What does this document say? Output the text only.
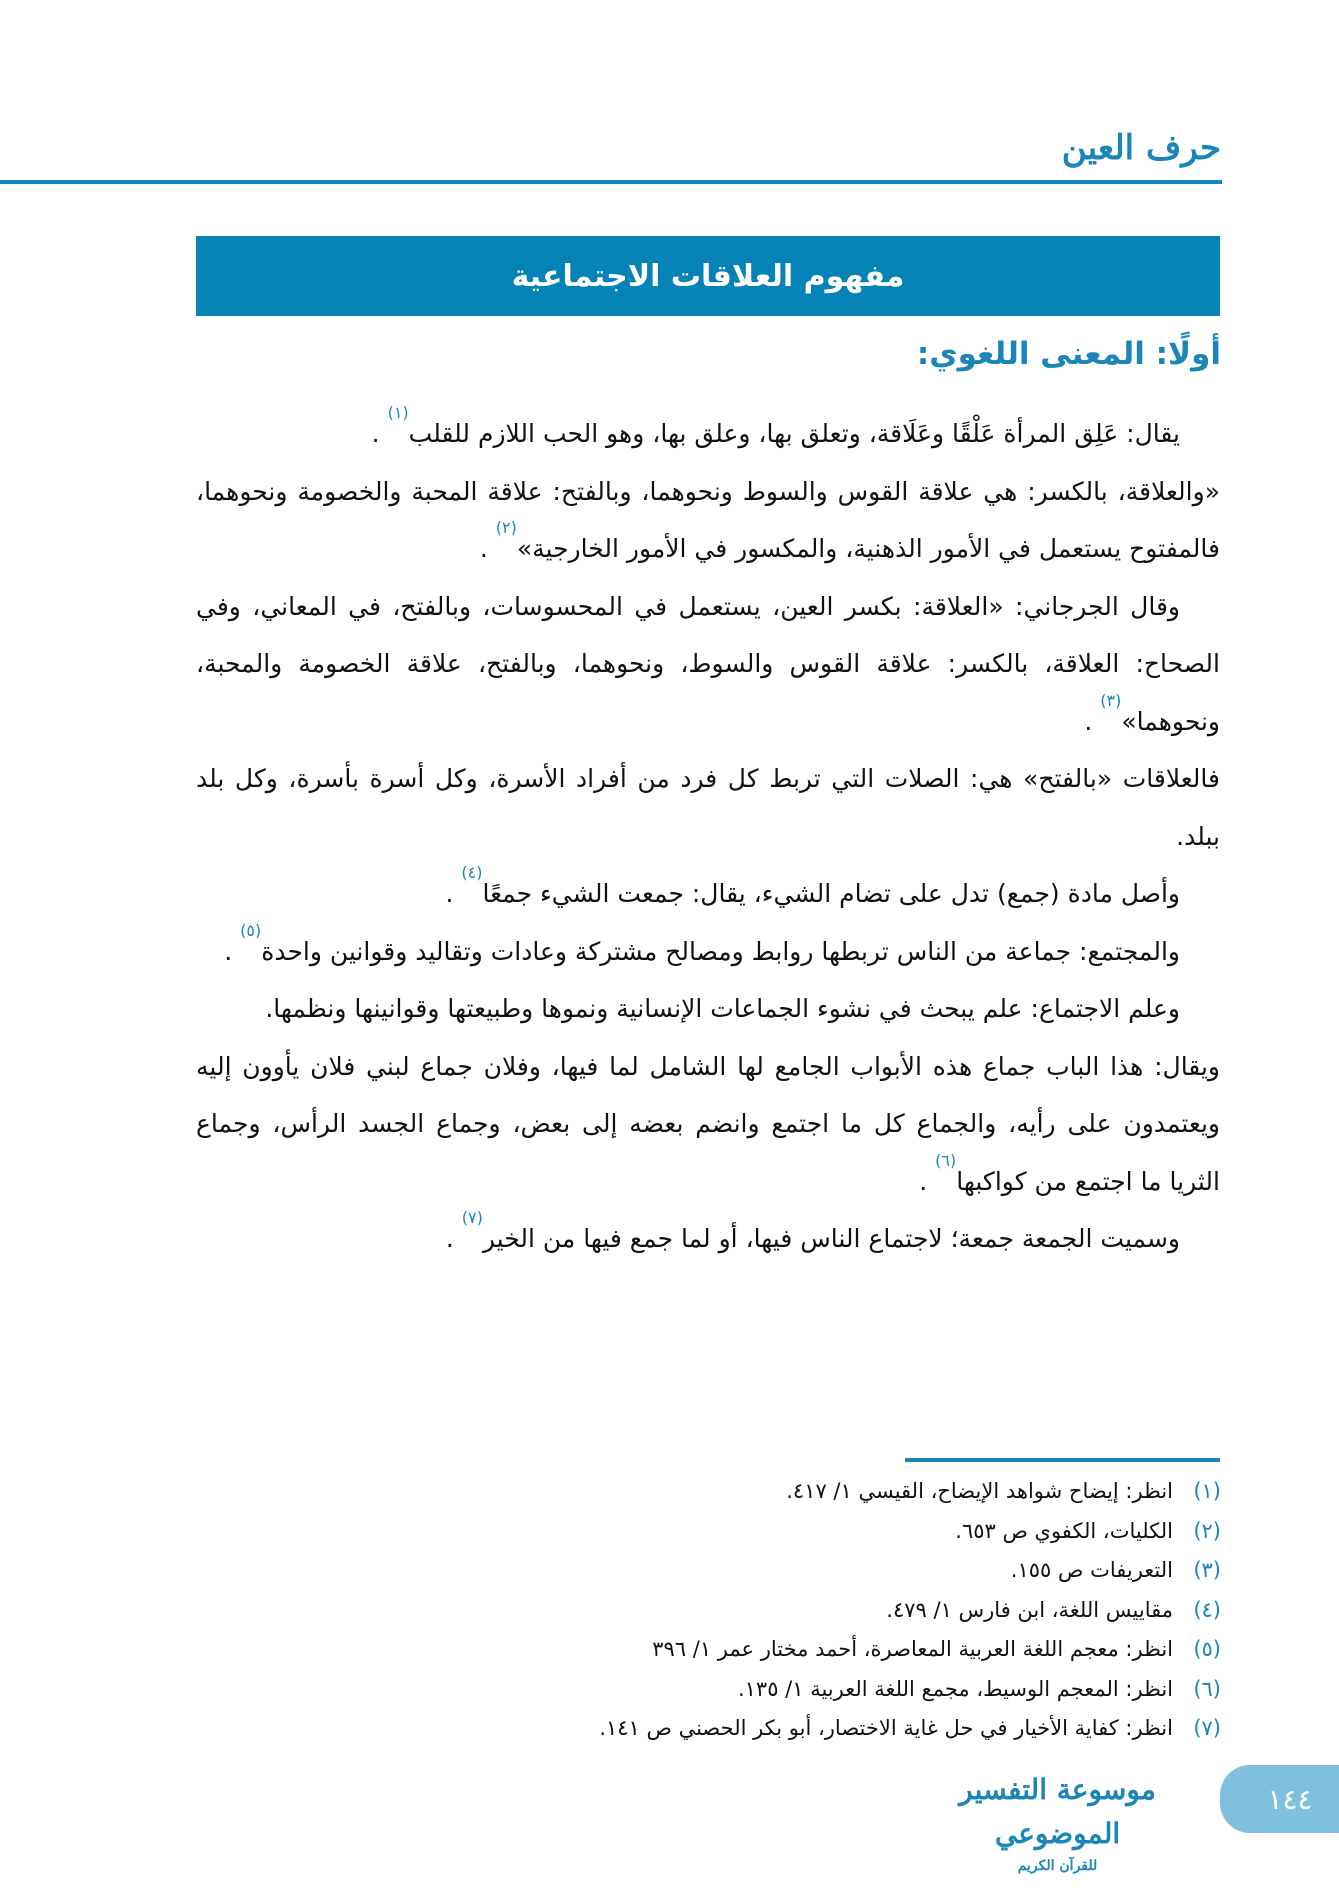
حرف العين
مفهوم العلاقات الاجتماعية
أولًا: المعنى اللغوي:

يقال: عَلِق المرأة عَلْقًا وعَلَاقة، وتعلق بها، وعلق بها، وهو الحب اللازم للقلب$^{(١)}$ .

«والعلاقة، بالكسر: هي علاقة القوس والسوط ونحوهما، وبالفتح: علاقة المحبة والخصومة ونحوهما، فالمفتوح يستعمل في الأمور الذهنية، والمكسور في الأمور الخارجية»$^{(٢)}$ .

وقال الجرجاني: «العلاقة: بكسر العين، يستعمل في المحسوسات، وبالفتح، في المعاني، وفي الصحاح: العلاقة، بالكسر: علاقة القوس والسوط، ونحوهما، وبالفتح، علاقة الخصومة والمحبة، ونحوهما»$^{(٣)}$ .

فالعلاقات «بالفتح» هي: الصلات التي تربط كل فرد من أفراد الأسرة، وكل أسرة بأسرة، وكل بلد ببلد.

وأصل مادة (جمع) تدل على تضام الشيء، يقال: جمعت الشيء جمعًا$^{(٤)}$ .

والمجتمع: جماعة من الناس تربطها روابط ومصالح مشتركة وعادات وتقاليد وقوانين واحدة$^{(٥)}$ .

وعلم الاجتماع: علم يبحث في نشوء الجماعات الإنسانية ونموها وطبيعتها وقوانينها ونظمها.

ويقال: هذا الباب جماع هذه الأبواب الجامع لها الشامل لما فيها، وفلان جماع لبني فلان يأوون إليه ويعتمدون على رأيه، والجماع كل ما اجتمع وانضم بعضه إلى بعض، وجماع الجسد الرأس، وجماع الثريا ما اجتمع من كواكبها$^{(٦)}$ .

وسميت الجمعة جمعة؛ لاجتماع الناس فيها، أو لما جمع فيها من الخير$^{(٧)}$ .

(١)
انظر: إيضاح شواهد الإيضاح، القيسي ١/ ٤١٧.
(٢)
الكليات، الكفوي ص ٦٥٣.
(٣)
التعريفات ص ١٥٥.
(٤)
مقاييس اللغة، ابن فارس ١/ ٤٧٩.
(٥)
انظر: معجم اللغة العربية المعاصرة، أحمد مختار عمر ١/ ٣٩٦
(٦)
انظر: المعجم الوسيط، مجمع اللغة العربية ١/ ١٣٥.
(٧)
انظر: كفاية الأخيار في حل غاية الاختصار، أبو بكر الحصني ص ١٤١.
موسوعة التفسير الموضوعي
للقرآن الكريم
١٤٤
